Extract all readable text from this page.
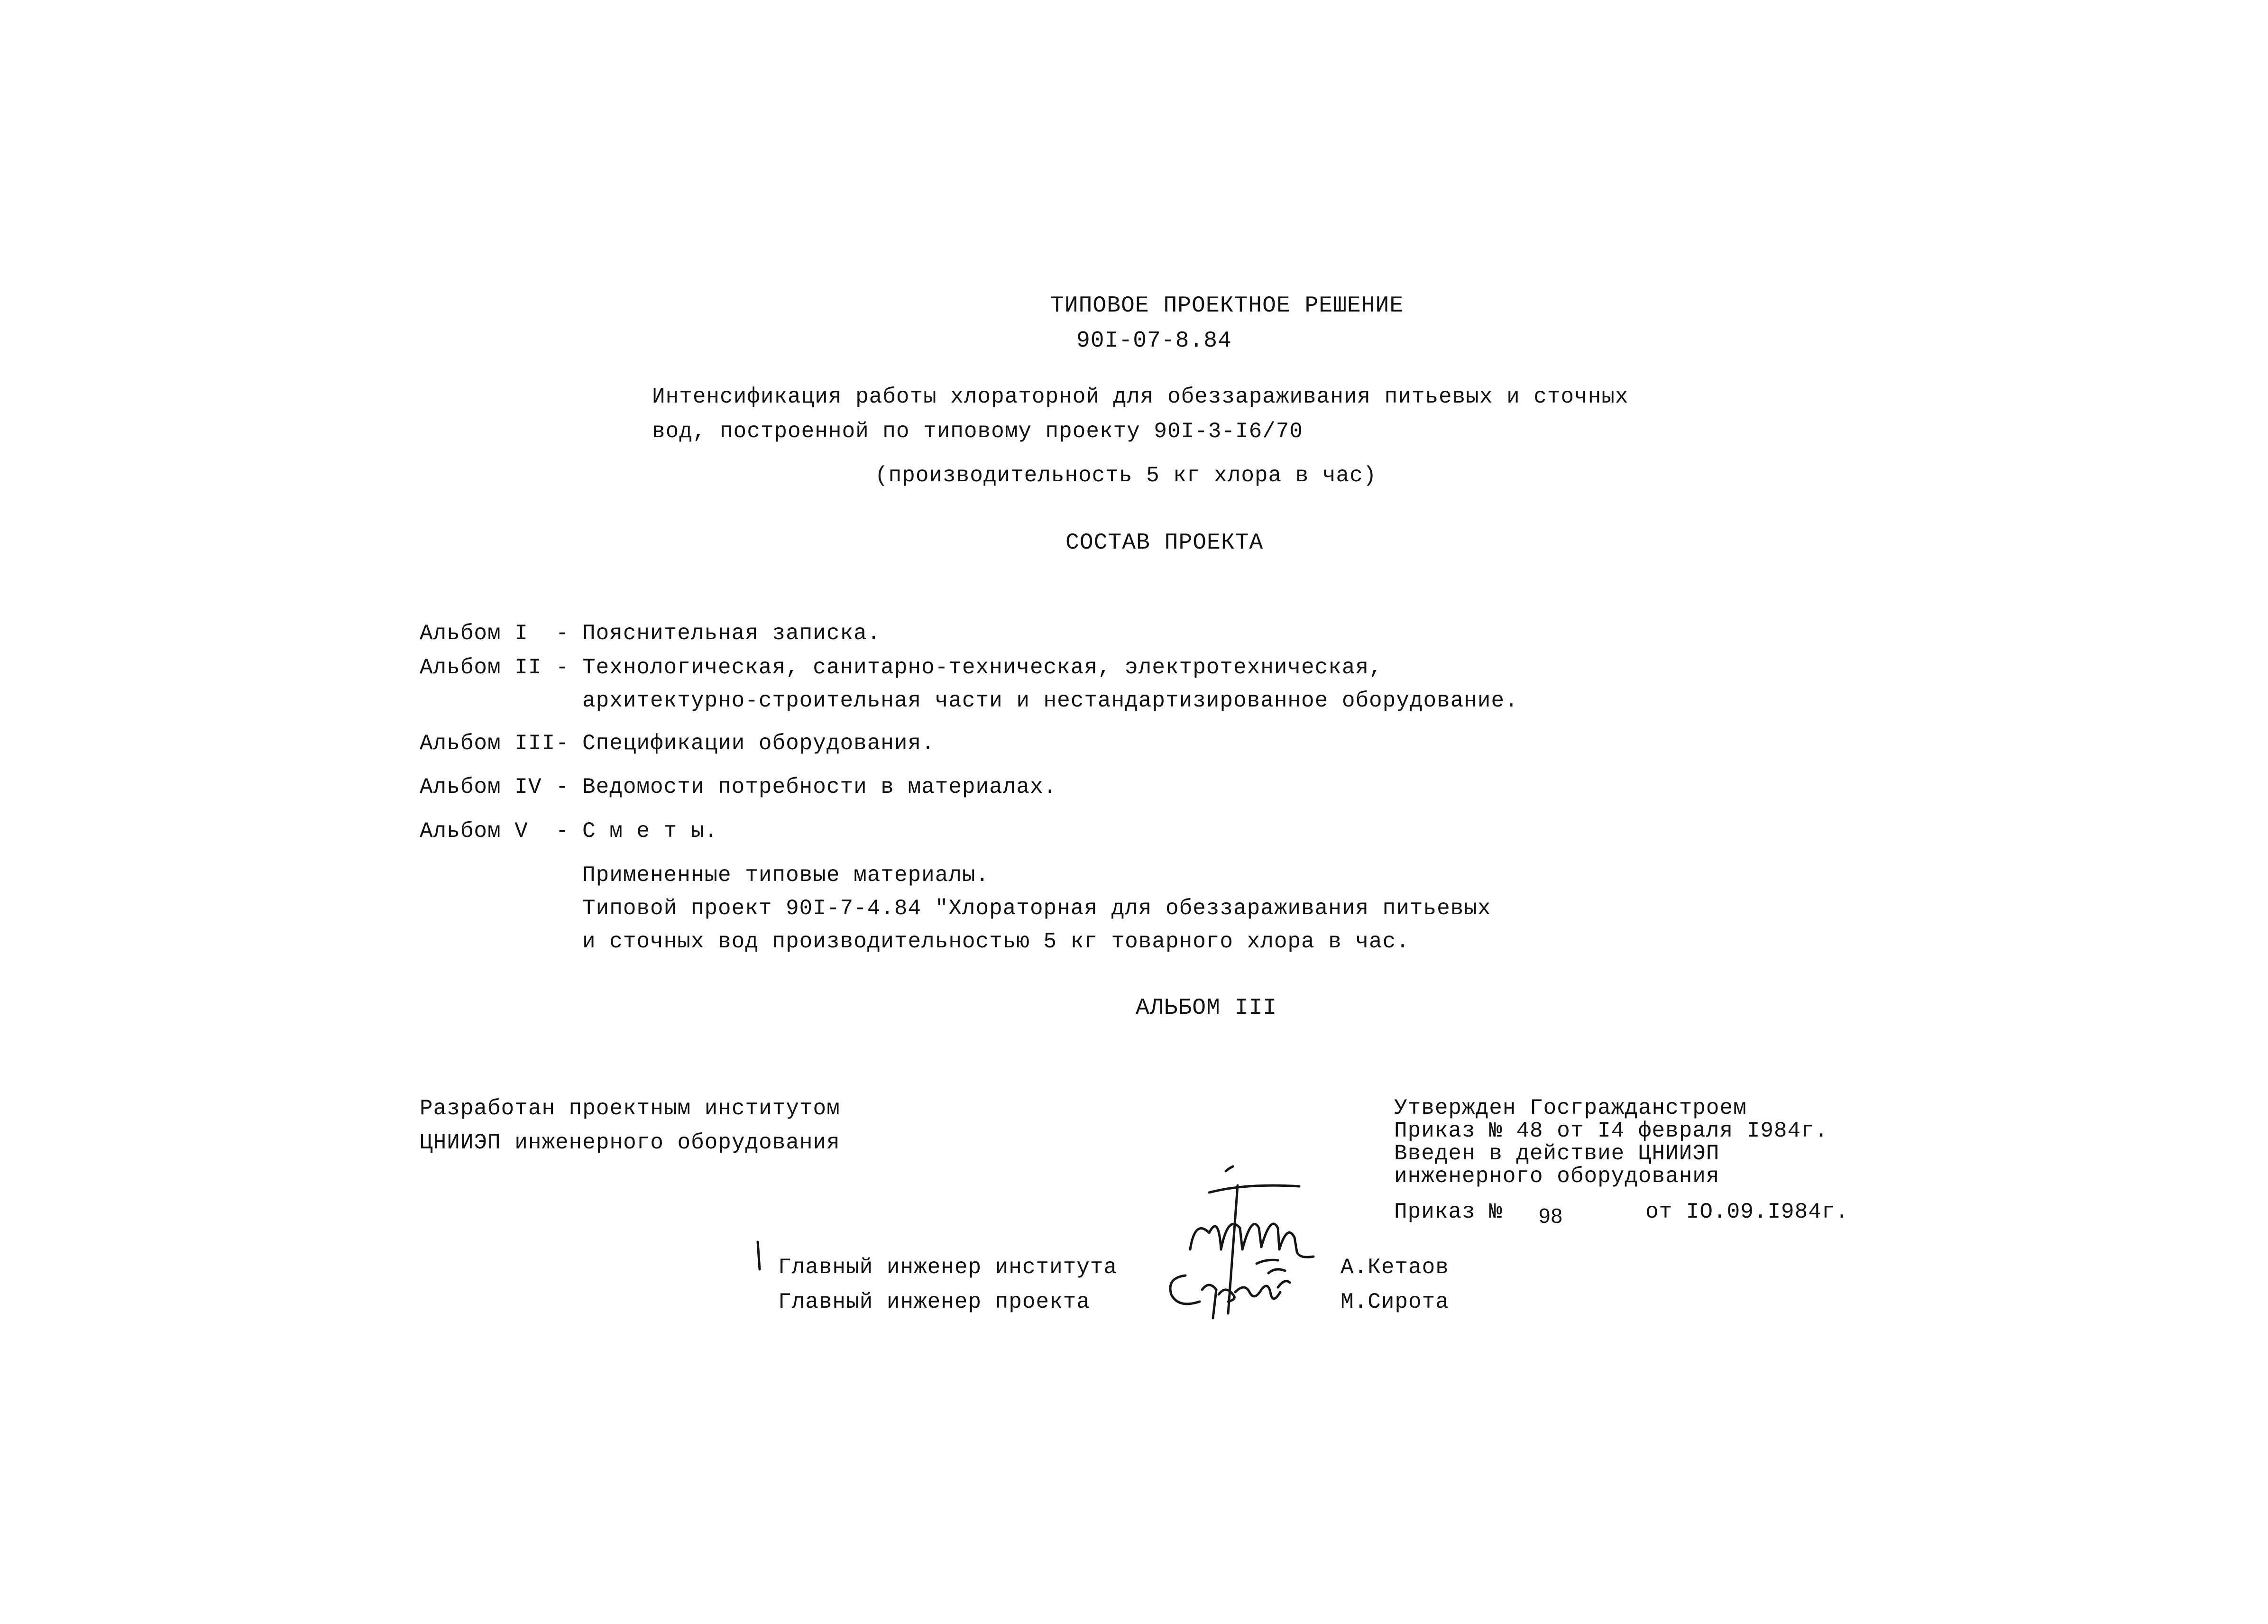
ТИПОВОЕ ПРОЕКТНОЕ РЕШЕНИЕ
90I-07-8.84
Интенсификация работы хлораторной для обеззараживания питьевых и сточных
вод, построенной по типовому проекту 90I-3-I6/70
(производительность 5 кг хлора в час)
СОСТАВ ПРОЕКТА
Альбом I - Пояснительная записка.
Альбом II - Технологическая, санитарно-техническая, электротехническая,
архитектурно-строительная части и нестандартизированное оборудование.
Альбом III - Спецификации оборудования.
Альбом IV - Ведомости потребности в материалах.
Альбом V - С м е т ы.
Примененные типовые материалы.
Типовой проект 90I-7-4.84 "Хлораторная для обеззараживания питьевых
и сточных вод производительностью 5 кг товарного хлора в час.
АЛЬБОМ III
Разработан проектным институтом
ЦНИИЭП инженерного оборудования
Утвержден Госгражданстроем
Приказ № 48 от I4 февраля I984г.
Введен в действие ЦНИИЭП
инженерного оборудования
Приказ № 98	от IO.09.I984г.
Главный инженер института	А.Кетаов
Главный инженер проекта	М.Сирота
